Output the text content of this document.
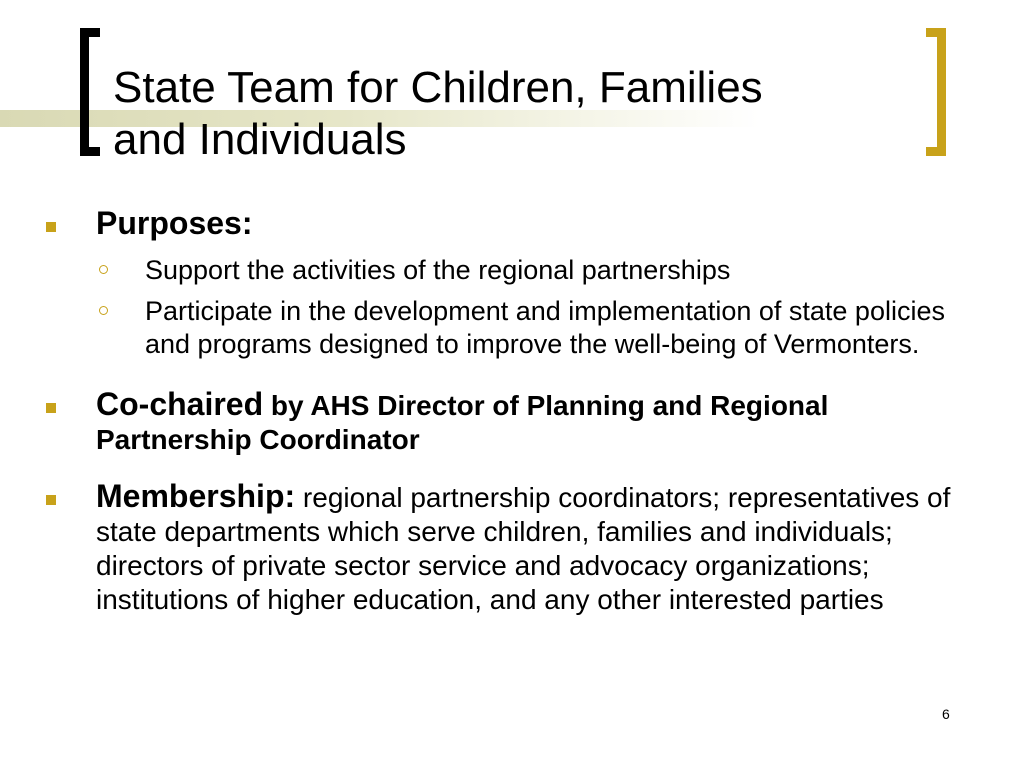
State Team for Children, Families
and Individuals
Purposes:
Support the activities of the regional partnerships
Participate in the development and implementation of state policies and programs designed to improve the well-being of Vermonters.
Co-chaired by AHS Director of Planning and Regional Partnership Coordinator
Membership: regional partnership coordinators; representatives of state departments which serve children, families and individuals; directors of private sector service and advocacy organizations; institutions of higher education, and any other interested parties
6
